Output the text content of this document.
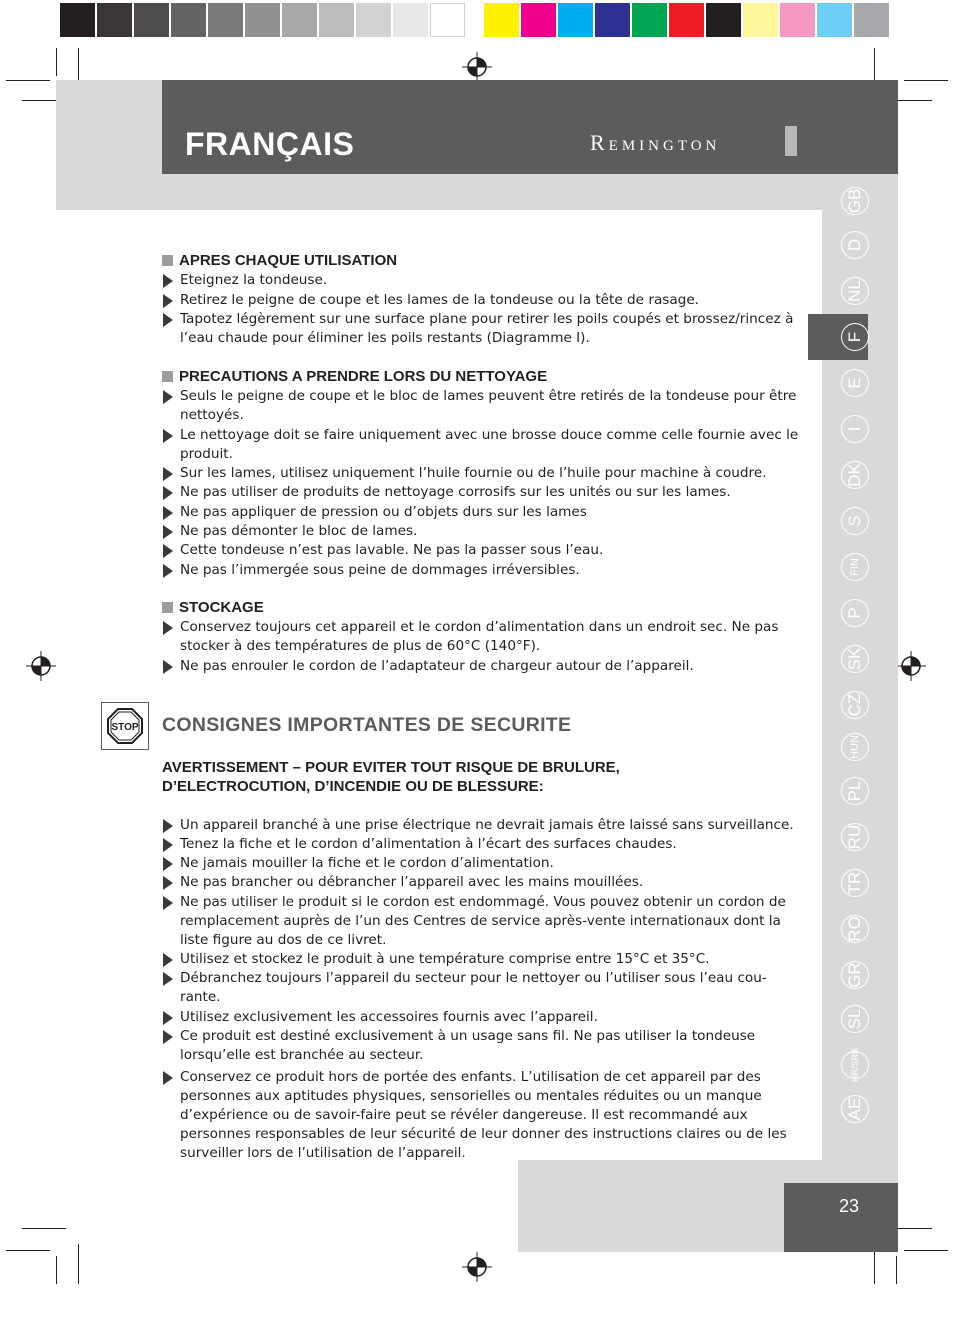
FRANÇAIS	Remington
GB
D
NL
F
E
I
DK
S
FIN
P
SK
CZ
HUN
PL
RU
TR
RO
GR
SL
HR/SRB
AE
APRES CHAQUE UTILISATION
Eteignez la tondeuse.
Retirez le peigne de coupe et les lames de la tondeuse ou la tête de rasage.
Tapotez légèrement sur une surface plane pour retirer les poils coupés et brossez/rincez à l’eau chaude pour éliminer les poils restants (Diagramme I).
PRECAUTIONS A PRENDRE LORS DU NETTOYAGE
Seuls le peigne de coupe et le bloc de lames peuvent être retirés de la tondeuse pour être nettoyés.
Le nettoyage doit se faire uniquement avec une brosse douce comme celle fournie avec le produit.
Sur les lames, utilisez uniquement l’huile fournie ou de l’huile pour machine à coudre.
Ne pas utiliser de produits de nettoyage corrosifs sur les unités ou sur les lames.
Ne pas appliquer de pression ou d’objets durs sur les lames
Ne pas démonter le bloc de lames.
Cette tondeuse n’est pas lavable. Ne pas la passer sous l’eau.
Ne pas l’immergée sous peine de dommages irréversibles.
STOCKAGE
Conservez toujours cet appareil et le cordon d’alimentation dans un endroit sec. Ne pas stocker à des températures de plus de 60°C (140°F).
Ne pas enrouler le cordon de l’adaptateur de chargeur autour de l’appareil.
STOP CONSIGNES IMPORTANTES DE SECURITE
AVERTISSEMENT – POUR EVITER TOUT RISQUE DE BRULURE,
D’ELECTROCUTION, D’INCENDIE OU DE BLESSURE:
Un appareil branché à une prise électrique ne devrait jamais être laissé sans surveillance.
Tenez la fiche et le cordon d’alimentation à l’écart des surfaces chaudes.
Ne jamais mouiller la fiche et le cordon d’alimentation.
Ne pas brancher ou débrancher l’appareil avec les mains mouillées.
Ne pas utiliser le produit si le cordon est endommagé. Vous pouvez obtenir un cordon de remplacement auprès de l’un des Centres de service après-vente internationaux dont la liste figure au dos de ce livret.
Utilisez et stockez le produit à une température comprise entre 15°C et 35°C.
Débranchez toujours l’appareil du secteur pour le nettoyer ou l’utiliser sous l’eau cou-rante.
Utilisez exclusivement les accessoires fournis avec l’appareil.
Ce produit est destiné exclusivement à un usage sans fil. Ne pas utiliser la tondeuse lorsqu’elle est branchée au secteur.
Conservez ce produit hors de portée des enfants. L’utilisation de cet appareil par des personnes aux aptitudes physiques, sensorielles ou mentales réduites ou un manque d’expérience ou de savoir-faire peut se révéler dangereuse. Il est recommandé aux personnes responsables de leur sécurité de leur donner des instructions claires ou de les surveiller lors de l’utilisation de l’appareil.
23
